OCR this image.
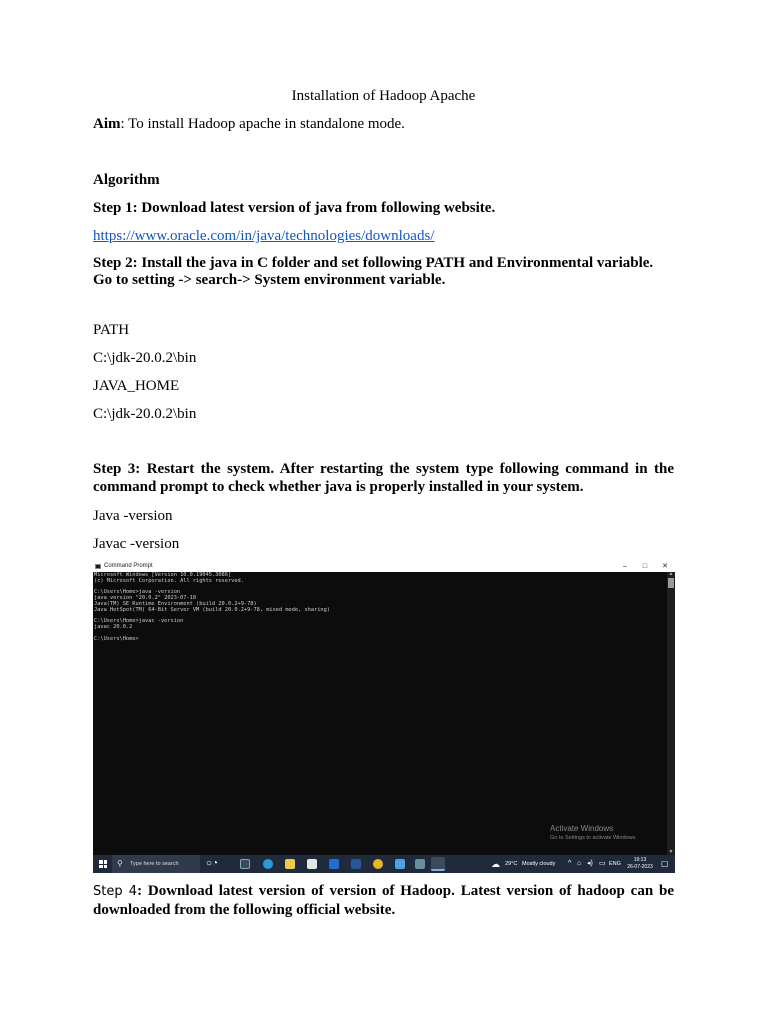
Installation of Hadoop Apache
Aim: To install Hadoop apache in standalone mode.
Algorithm
Step 1: Download latest version of java from following website.
https://www.oracle.com/in/java/technologies/downloads/
Step 2: Install the java in C folder and set following PATH and Environmental variable.
Go to setting -> search-> System environment variable.
PATH
C:\jdk-20.0.2\bin
JAVA_HOME
C:\jdk-20.0.2\bin
Step 3: Restart the system. After restarting the system type following command in the command prompt to check whether java is properly installed in your system.
Java -version
Javac -version
Step 4: Download latest version of version of Hadoop. Latest version of hadoop can be downloaded from the following official website.
Command Prompt	–	□	✕
Microsoft Windows [Version 10.0.19045.3086]
(c) Microsoft Corporation. All rights reserved.

C:\Users\Home>java -version
java version "20.0.2" 2023-07-18
Java(TM) SE Runtime Environment (build 20.0.2+9-78)
Java HotSpot(TM) 64-Bit Server VM (build 20.0.2+9-78, mixed mode, sharing)

C:\Users\Home>javac -version
javac 20.0.2

C:\Users\Home>
▲
▼
Activate Windows
Go to Settings to activate Windows.
⚲ Type here to search	○◔	☁ 29°C Mostly cloudy ^ ⌂ ◂) ▭ ENG
19:13
26-07-2023	▢
